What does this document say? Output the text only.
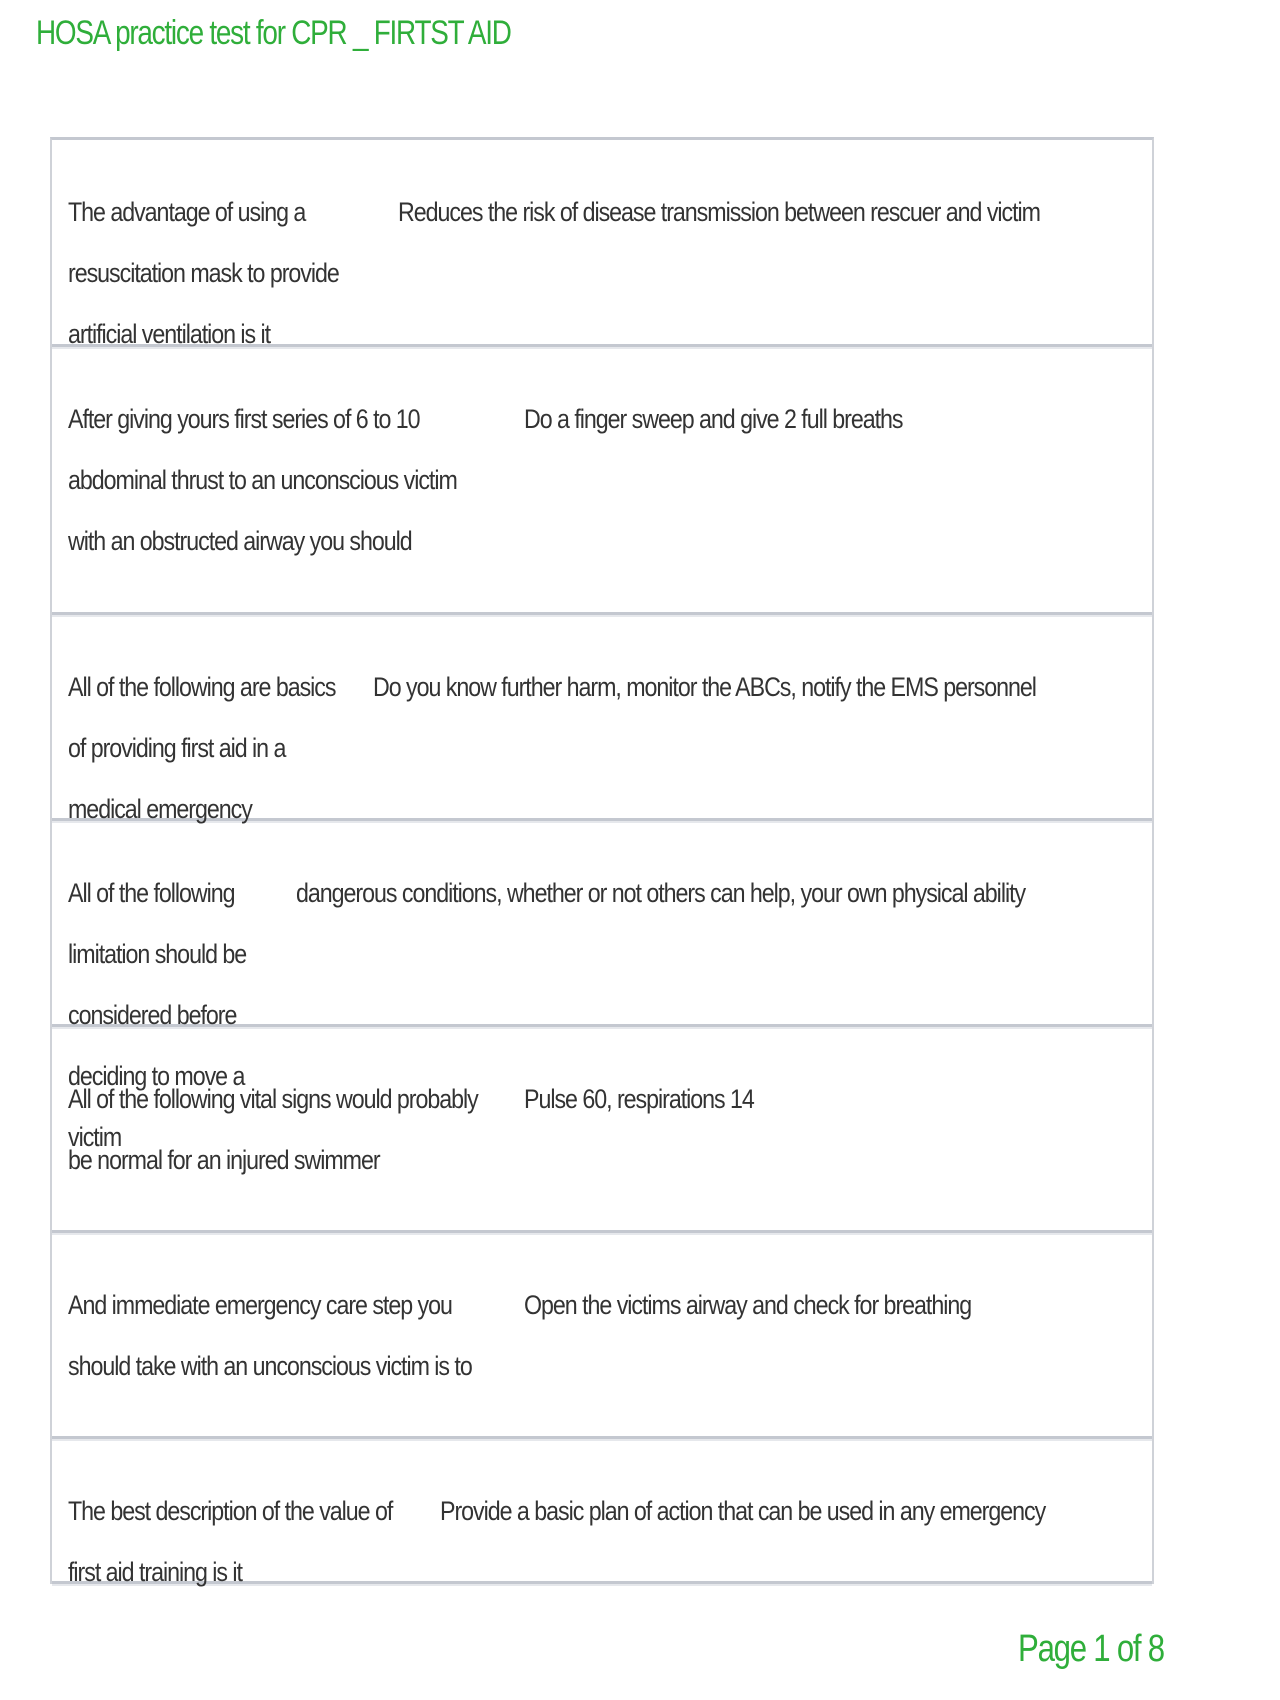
HOSA practice test for CPR _ FIRTST AID
The advantage of using a resuscitation mask to provide artificial ventilation is it
Reduces the risk of disease transmission between rescuer and victim
After giving yours first series of 6 to 10 abdominal thrust to an unconscious victim with an obstructed airway you should
Do a finger sweep and give 2 full breaths
All of the following are basics of providing first aid in a medical emergency
Do you know further harm, monitor the ABCs, notify the EMS personnel
All of the following limitation should be considered before deciding to move a victim
dangerous conditions, whether or not others can help, your own physical ability
All of the following vital signs would probably be normal for an injured swimmer
Pulse 60, respirations 14
And immediate emergency care step you should take with an unconscious victim is to
Open the victims airway and check for breathing
The best description of the value of first aid training is it
Provide a basic plan of action that can be used in any emergency
Page 1 of 8
